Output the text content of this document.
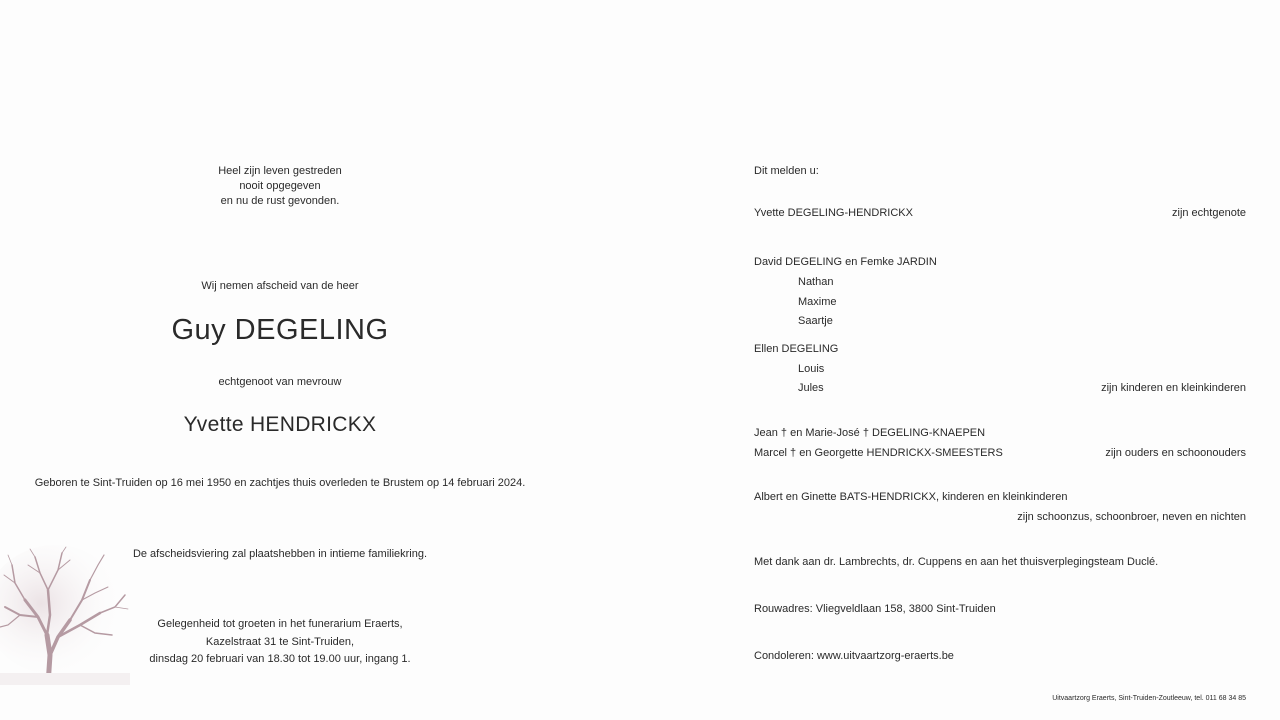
Heel zijn leven gestreden
nooit opgegeven
en nu de rust gevonden.
Wij nemen afscheid van de heer
Guy DEGELING
echtgenoot van mevrouw
Yvette HENDRICKX
Geboren te Sint-Truiden op 16 mei 1950 en zachtjes thuis overleden te Brustem op 14 februari 2024.
De afscheidsviering zal plaatshebben in intieme familiekring.
Gelegenheid tot groeten in het funerarium Eraerts,
Kazelstraat 31 te Sint-Truiden,
dinsdag 20 februari van 18.30 tot 19.00 uur, ingang 1.
Dit melden u:
Yvette DEGELING-HENDRICKX	zijn echtgenote
David DEGELING en Femke JARDIN
Nathan
Maxime
Saartje
Ellen DEGELING
Louis
Jules	zijn kinderen en kleinkinderen
Jean † en Marie-José † DEGELING-KNAEPEN
Marcel † en Georgette HENDRICKX-SMEESTERS	zijn ouders en schoonouders
Albert en Ginette BATS-HENDRICKX, kinderen en kleinkinderen
zijn schoonzus, schoonbroer, neven en nichten
Met dank aan dr. Lambrechts, dr. Cuppens en aan het thuisverplegingsteam Duclé.
Rouwadres: Vliegveldlaan 158, 3800 Sint-Truiden
Condoleren: www.uitvaartzorg-eraerts.be
Uitvaartzorg Eraerts, Sint-Truiden-Zoutleeuw, tel. 011 68 34 85
